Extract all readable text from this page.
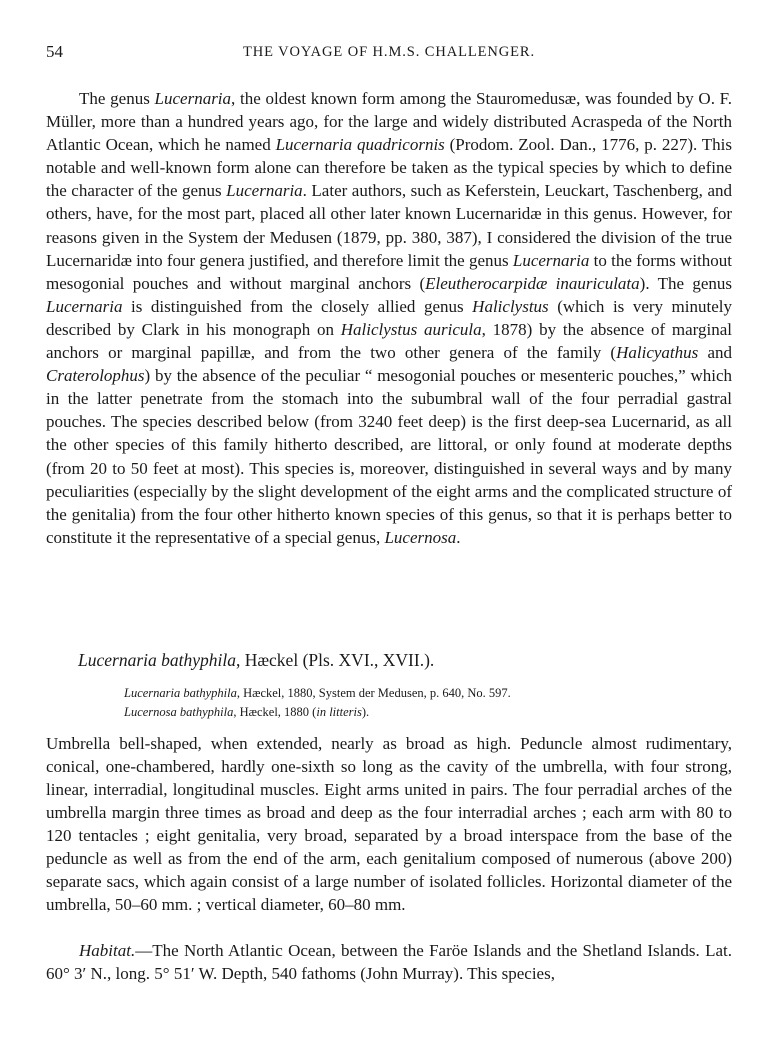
54	THE VOYAGE OF H.M.S. CHALLENGER.

The genus Lucernaria, the oldest known form among the Stauromedusæ, was founded by O. F. Müller, more than a hundred years ago, for the large and widely distributed Acraspeda of the North Atlantic Ocean, which he named Lucernaria quadricornis (Prodom. Zool. Dan., 1776, p. 227). This notable and well-known form alone can therefore be taken as the typical species by which to define the character of the genus Lucernaria. Later authors, such as Keferstein, Leuckart, Taschenberg, and others, have, for the most part, placed all other later known Lucernaridæ in this genus. However, for reasons given in the System der Medusen (1879, pp. 380, 387), I considered the division of the true Lucernaridæ into four genera justified, and therefore limit the genus Lucernaria to the forms without mesogonial pouches and without marginal anchors (Eleutherocarpidæ inauriculata). The genus Lucernaria is distinguished from the closely allied genus Haliclystus (which is very minutely described by Clark in his monograph on Haliclystus auricula, 1878) by the absence of marginal anchors or marginal papillæ, and from the two other genera of the family (Halicyathus and Craterolophus) by the absence of the peculiar “ mesogonial pouches or mesenteric pouches,” which in the latter penetrate from the stomach into the subumbral wall of the four perradial gastral pouches. The species described below (from 3240 feet deep) is the first deep-sea Lucernarid, as all the other species of this family hitherto described, are littoral, or only found at moderate depths (from 20 to 50 feet at most). This species is, moreover, distinguished in several ways and by many peculiarities (especially by the slight development of the eight arms and the complicated structure of the genitalia) from the four other hitherto known species of this genus, so that it is perhaps better to constitute it the representative of a special genus, Lucernosa.

Lucernaria bathyphila, Hæckel (Pls. XVI., XVII.).
Lucernaria bathyphila, Hæckel, 1880, System der Medusen, p. 640, No. 597.
Lucernosa bathyphila, Hæckel, 1880 (in litteris).

Umbrella bell-shaped, when extended, nearly as broad as high. Peduncle almost rudimentary, conical, one-chambered, hardly one-sixth so long as the cavity of the umbrella, with four strong, linear, interradial, longitudinal muscles. Eight arms united in pairs. The four perradial arches of the umbrella margin three times as broad and deep as the four interradial arches ; each arm with 80 to 120 tentacles ; eight genitalia, very broad, separated by a broad interspace from the base of the peduncle as well as from the end of the arm, each genitalium composed of numerous (above 200) separate sacs, which again consist of a large number of isolated follicles. Horizontal diameter of the umbrella, 50–60 mm. ; vertical diameter, 60–80 mm.

Habitat.—The North Atlantic Ocean, between the Faröe Islands and the Shetland Islands. Lat. 60° 3′ N., long. 5° 51′ W. Depth, 540 fathoms (John Murray). This species,
